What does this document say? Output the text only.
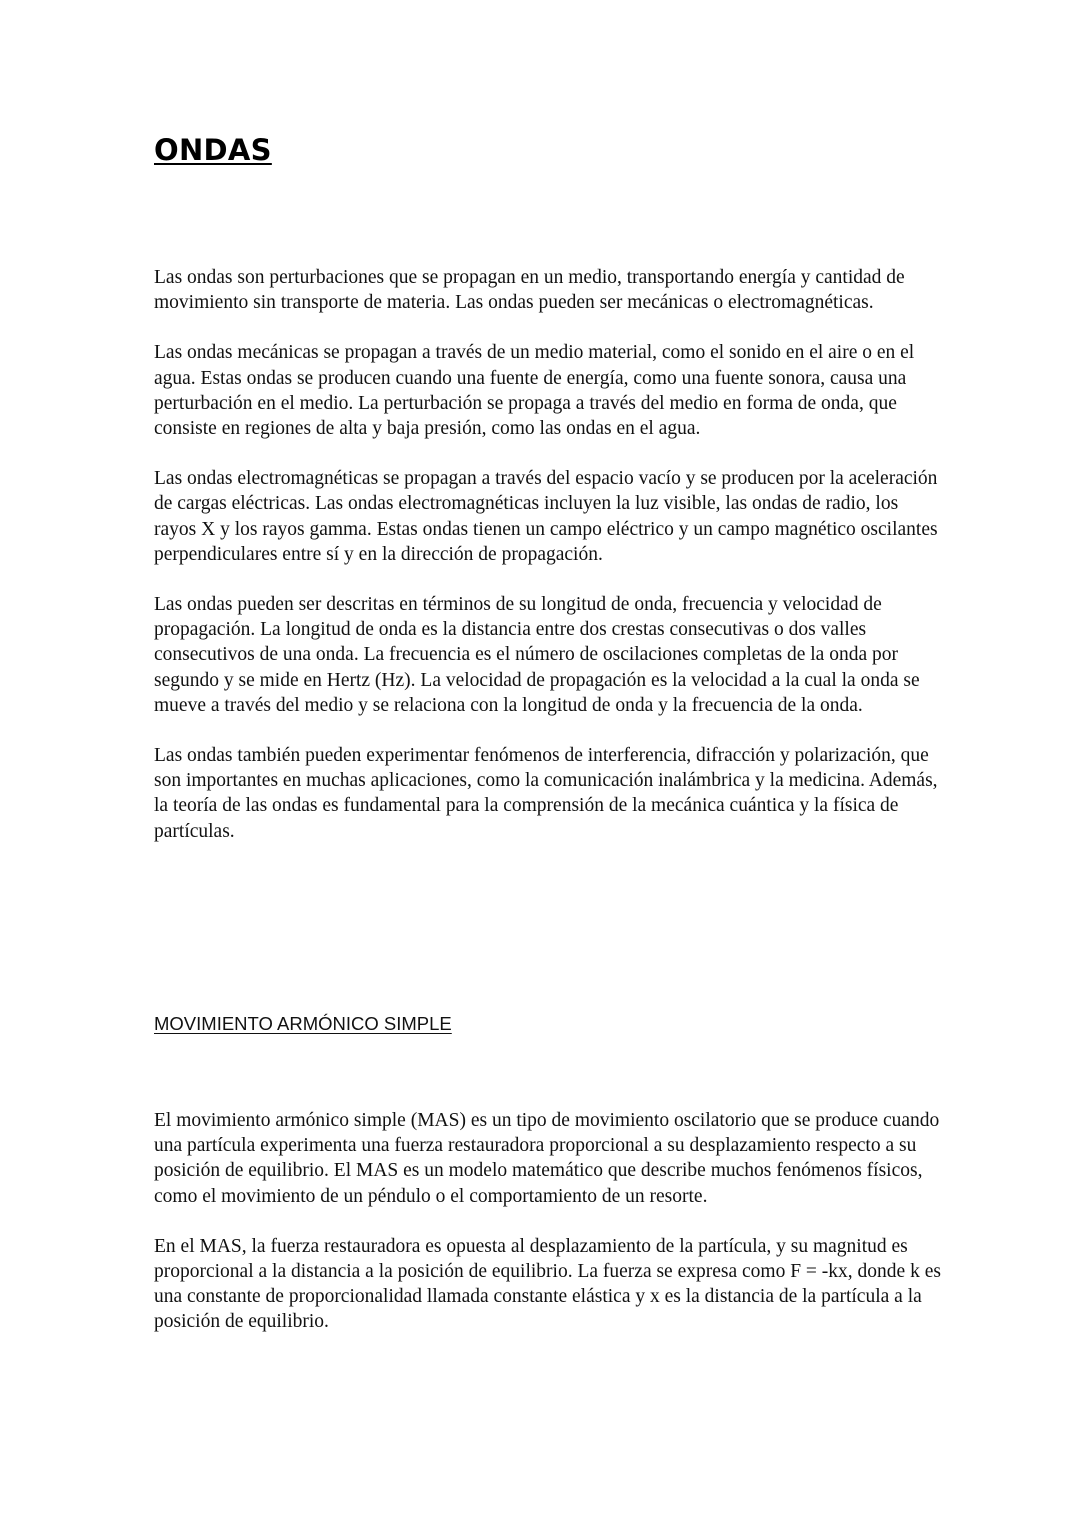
ONDAS

Las ondas son perturbaciones que se propagan en un medio, transportando energía y cantidad de movimiento sin transporte de materia. Las ondas pueden ser mecánicas o electromagnéticas.

Las ondas mecánicas se propagan a través de un medio material, como el sonido en el aire o en el agua. Estas ondas se producen cuando una fuente de energía, como una fuente sonora, causa una perturbación en el medio. La perturbación se propaga a través del medio en forma de onda, que consiste en regiones de alta y baja presión, como las ondas en el agua.

Las ondas electromagnéticas se propagan a través del espacio vacío y se producen por la aceleración de cargas eléctricas. Las ondas electromagnéticas incluyen la luz visible, las ondas de radio, los rayos X y los rayos gamma. Estas ondas tienen un campo eléctrico y un campo magnético oscilantes perpendiculares entre sí y en la dirección de propagación.

Las ondas pueden ser descritas en términos de su longitud de onda, frecuencia y velocidad de propagación. La longitud de onda es la distancia entre dos crestas consecutivas o dos valles consecutivos de una onda. La frecuencia es el número de oscilaciones completas de la onda por segundo y se mide en Hertz (Hz). La velocidad de propagación es la velocidad a la cual la onda se mueve a través del medio y se relaciona con la longitud de onda y la frecuencia de la onda.

Las ondas también pueden experimentar fenómenos de interferencia, difracción y polarización, que son importantes en muchas aplicaciones, como la comunicación inalámbrica y la medicina. Además, la teoría de las ondas es fundamental para la comprensión de la mecánica cuántica y la física de partículas.

MOVIMIENTO ARMÓNICO SIMPLE

El movimiento armónico simple (MAS) es un tipo de movimiento oscilatorio que se produce cuando una partícula experimenta una fuerza restauradora proporcional a su desplazamiento respecto a su posición de equilibrio. El MAS es un modelo matemático que describe muchos fenómenos físicos, como el movimiento de un péndulo o el comportamiento de un resorte.

En el MAS, la fuerza restauradora es opuesta al desplazamiento de la partícula, y su magnitud es proporcional a la distancia a la posición de equilibrio. La fuerza se expresa como F = -kx, donde k es una constante de proporcionalidad llamada constante elástica y x es la distancia de la partícula a la posición de equilibrio.
